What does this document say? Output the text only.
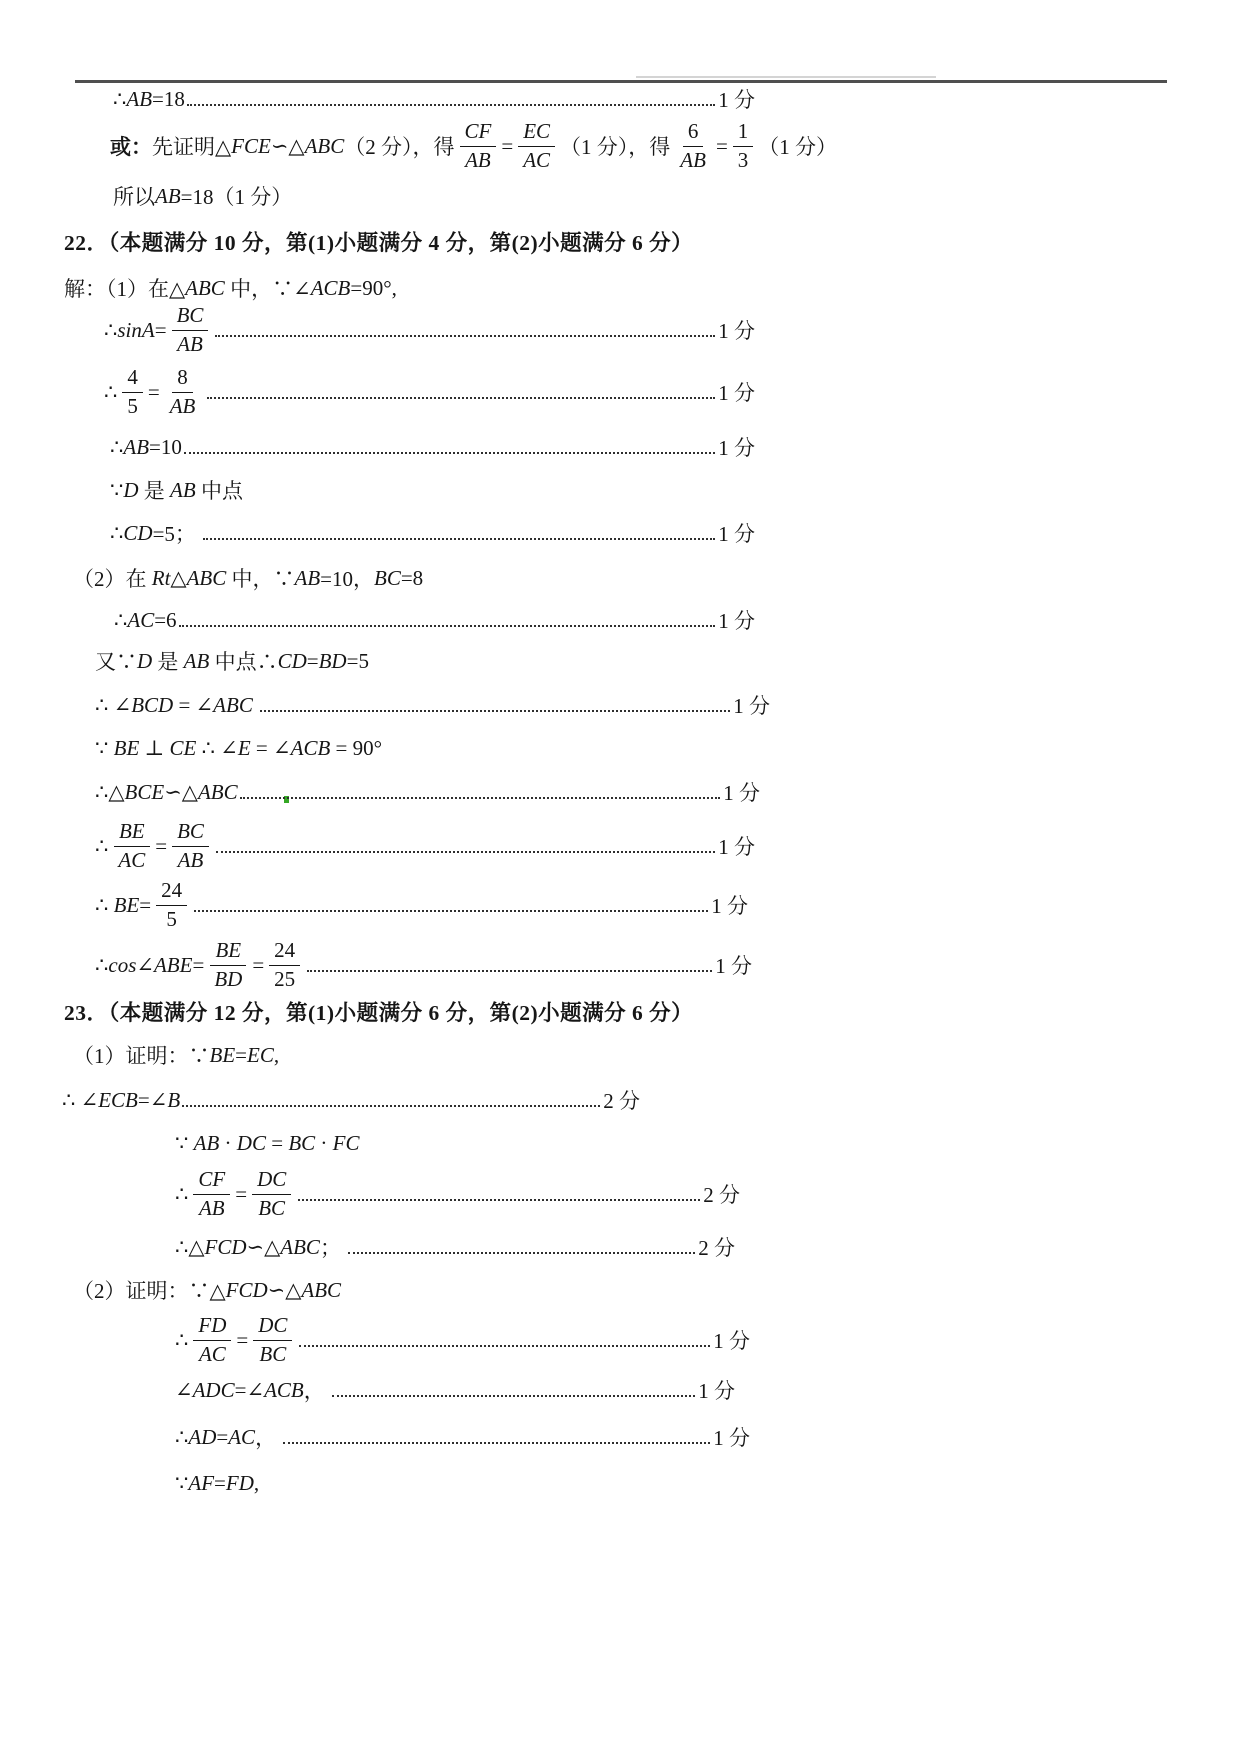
∴ AB =18	1 分
或： 先证明△ FCE ∽△ ABC （2 分），得 $\frac{CF}{AB} = \frac{EC}{AC} (1$ 分），得 $\frac{6}{AB} = \frac{1}{3} (1$ 分）
所以 AB =18（1 分）
22．（本题满分 10 分，第(1)小题满分 4 分，第(2)小题满分 6 分）
解：（1）在△ ABC 中，∵∠ ACB =90°,
∴ $\sin A = \frac{BC}{AB}$	1 分
∴ $\frac{4}{5} = \frac{8}{AB}$	1 分
∴ AB =10	1 分
∵ D 是 AB 中点
∴ CD =5；	1 分
（2）在 Rt △ ABC 中，∵ AB =10， BC =8
∴ AC =6	1 分
又∵ D 是 AB 中点∴ CD = BD =5
∴ ∠ BCD = ∠ ABC
	1 分
∵ BE ⊥ CE ∴ ∠ E = ∠ ACB = 90°
∴△ BCE ∽△ ABC	1 分
∴ $\frac{BE}{AC} = \frac{BC}{AB}$	1 分
∴ BE = $\frac{24}{5}$	1 分
∴ cos ∠ ABE = $\frac{BE}{BD} = \frac{24}{25}$	1 分
23．（本题满分 12 分，第(1)小题满分 6 分，第(2)小题满分 6 分）
（1）证明：∵ BE = EC ,
∴ ∠ ECB =∠ B	2 分
∵ AB · DC = BC · FC
∴ $\frac{CF}{AB} = \frac{DC}{BC}$	2 分
∴△ FCD ∽△ ABC ；	2 分
（2）证明：∵△ FCD ∽△ ABC
∴ $\frac{FD}{AC} = \frac{DC}{BC}$	1 分
∠ ADC =∠ ACB ，	1 分
∴ AD = AC ，	1 分
∵ AF = FD ,
